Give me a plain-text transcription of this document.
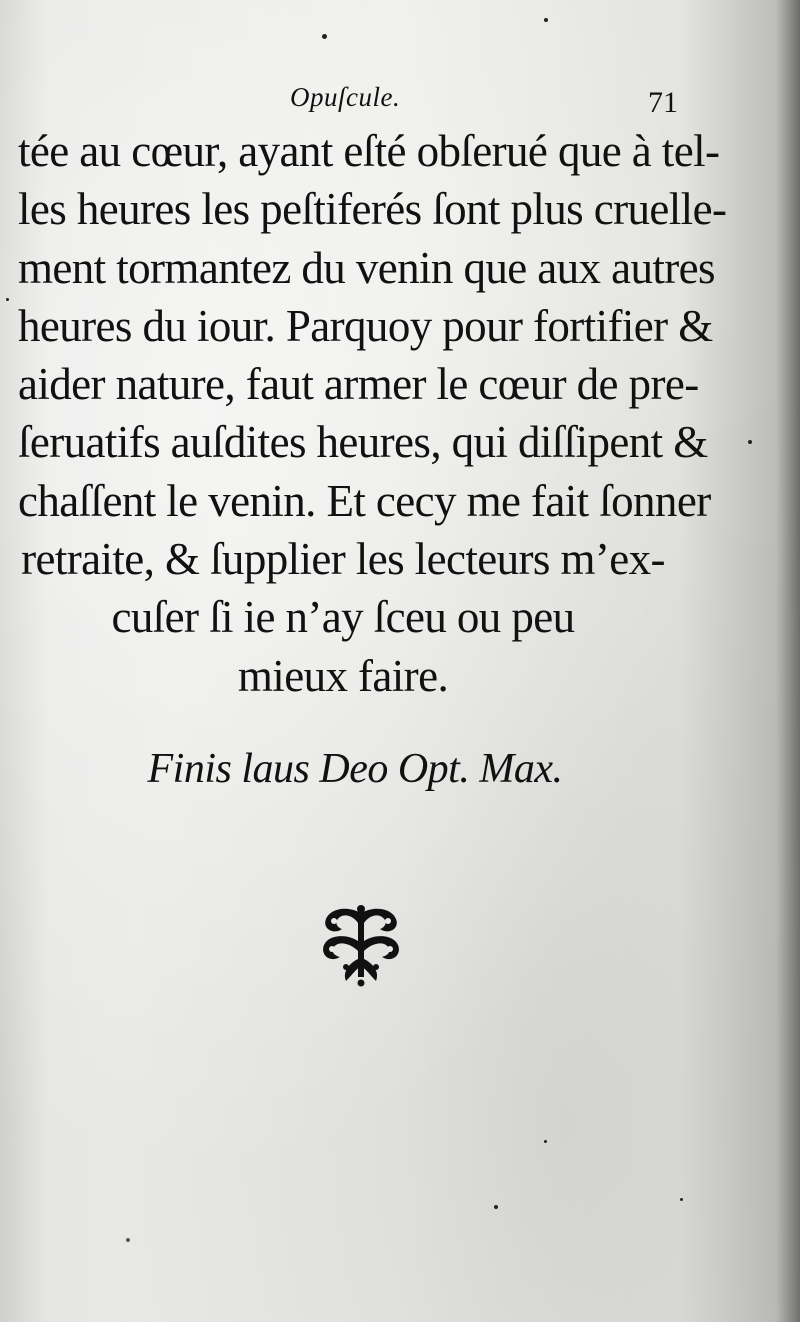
Opuſcule.	71
tée au cœur, ayant eſté obſerué que à tel-
les heures les peſtiferés ſont plus cruelle-
ment tormantez du venin que aux autres
heures du iour. Parquoy pour fortifier &
aider nature, faut armer le cœur de pre-
ſeruatifs auſdites heures, qui diſſipent &
chaſſent le venin. Et cecy me fait ſonner
retraite, & ſupplier les lecteurs m’ex-
cuſer ſi ie n’ay ſceu ou peu
mieux faire.
Finis laus Deo Opt. Max.
